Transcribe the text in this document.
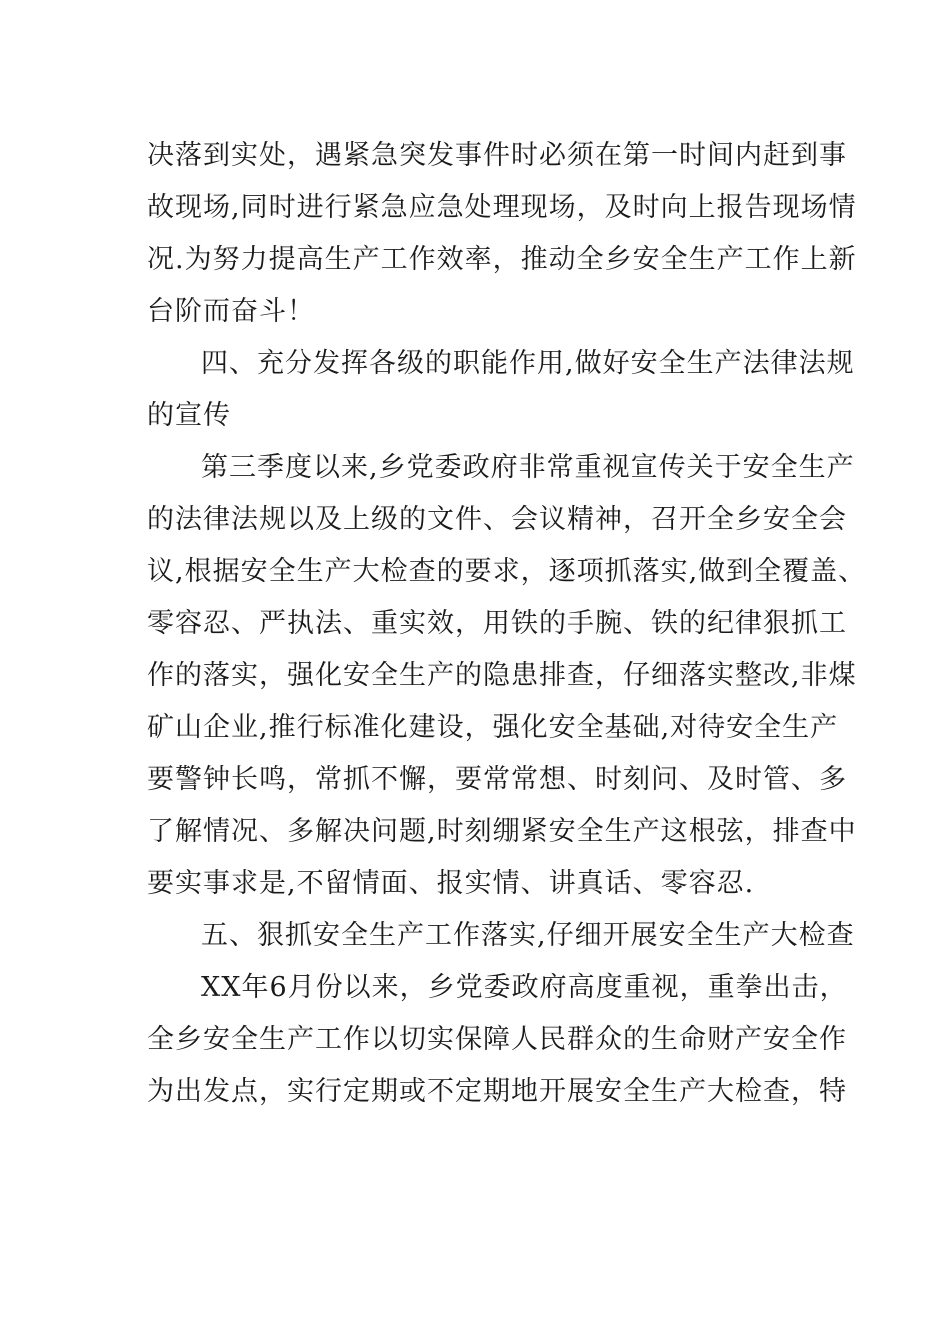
决落到实处，遇紧急突发事件时必须在第一时间内赶到事
故现场,同时进行紧急应急处理现场，及时向上报告现场情
况.为努力提高生产工作效率，推动全乡安全生产工作上新
台阶而奋斗！
四、充分发挥各级的职能作用,做好安全生产法律法规
的宣传
第三季度以来,乡党委政府非常重视宣传关于安全生产
的法律法规以及上级的文件、会议精神，召开全乡安全会
议,根据安全生产大检查的要求，逐项抓落实,做到全覆盖、
零容忍、严执法、重实效，用铁的手腕、铁的纪律狠抓工
作的落实，强化安全生产的隐患排查，仔细落实整改,非煤
矿山企业,推行标准化建设，强化安全基础,对待安全生产
要警钟长鸣，常抓不懈，要常常想、时刻问、及时管、多
了解情况、多解决问题,时刻绷紧安全生产这根弦，排查中
要实事求是,不留情面、报实情、讲真话、零容忍.
五、狠抓安全生产工作落实,仔细开展安全生产大检查
XX年6月份以来，乡党委政府高度重视，重拳出击，
全乡安全生产工作以切实保障人民群众的生命财产安全作
为出发点，实行定期或不定期地开展安全生产大检查，特
